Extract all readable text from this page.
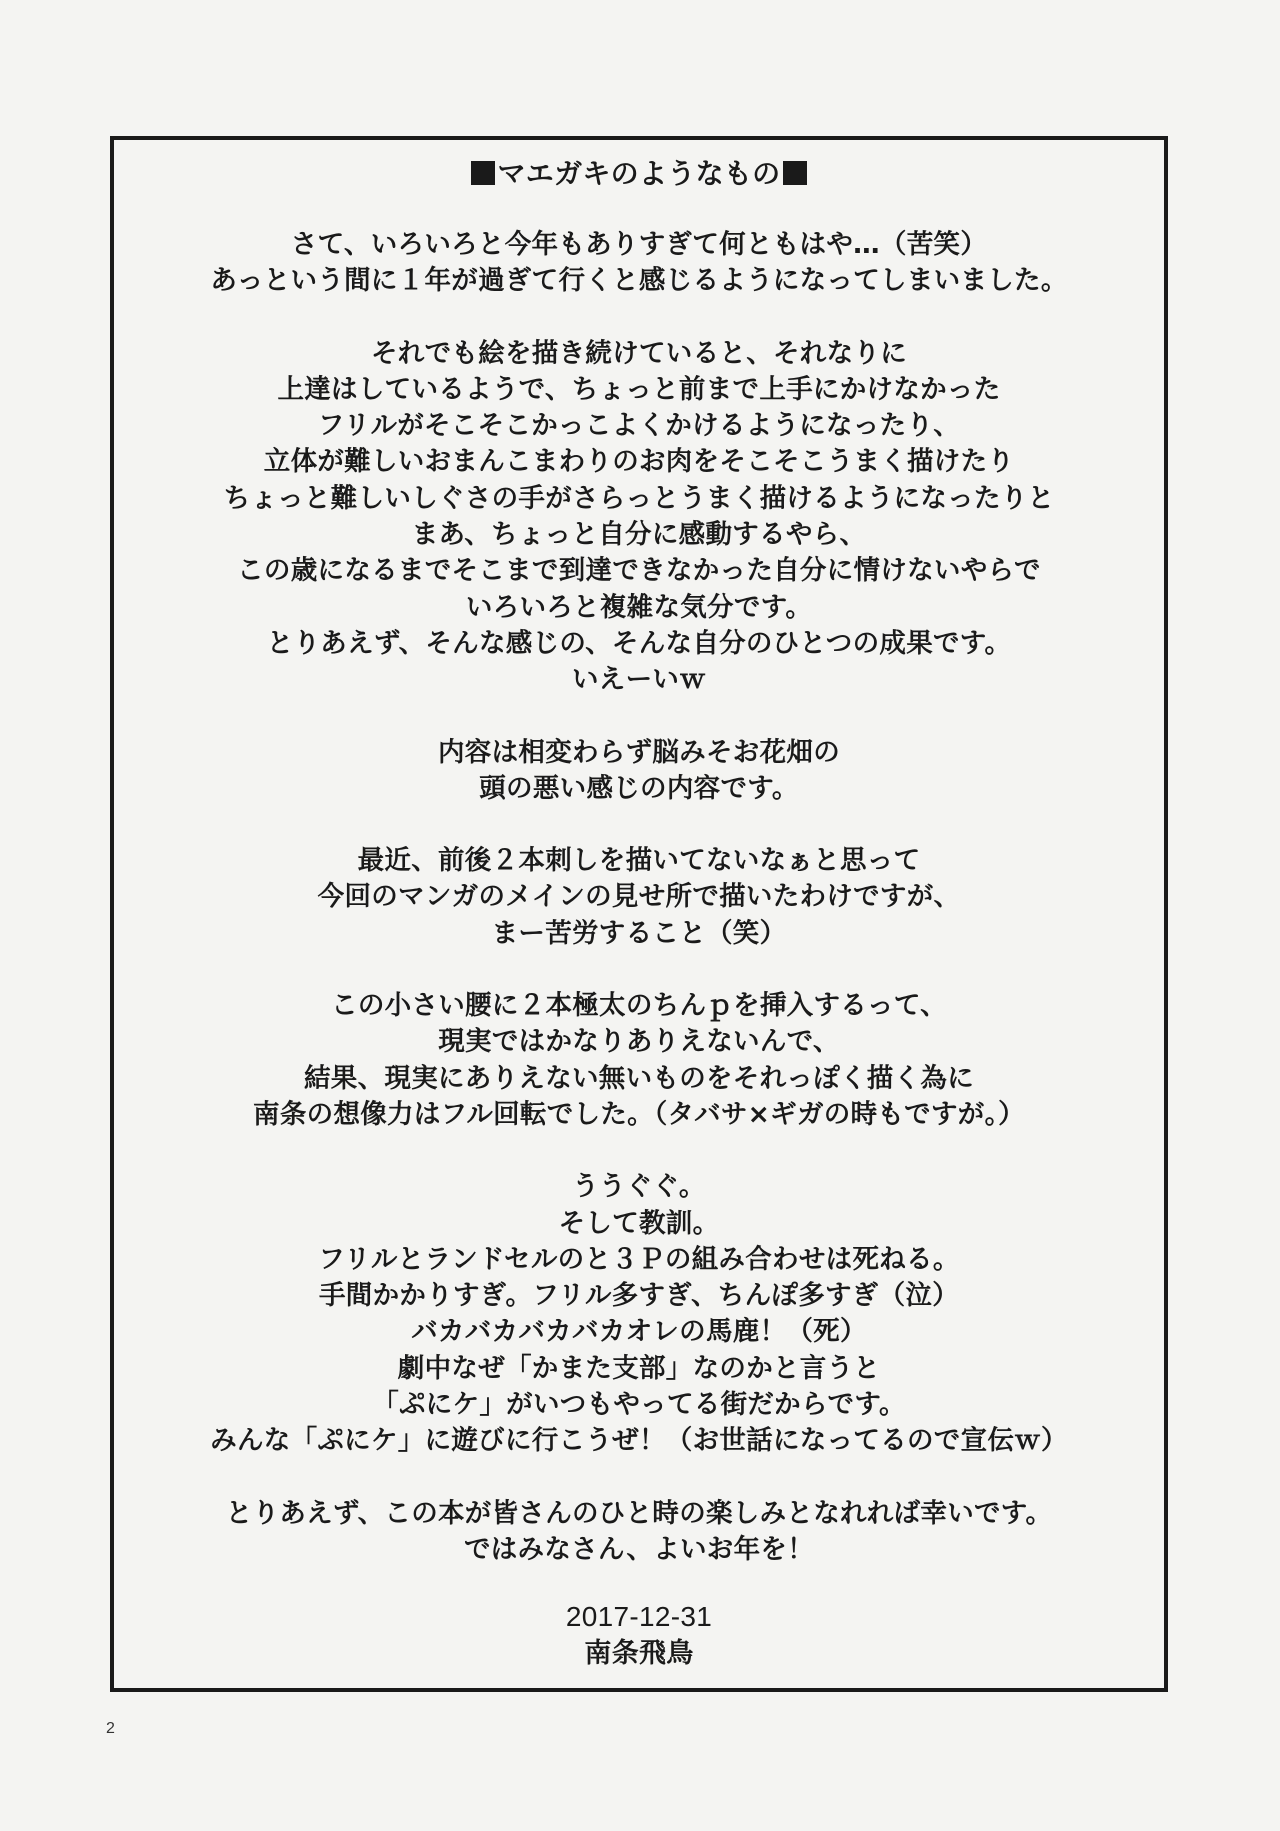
マエガキのようなもの
さて、いろいろと今年もありすぎて何ともはや…（苦笑）
あっという間に１年が過ぎて行くと感じるようになってしまいました。
それでも絵を描き続けていると、それなりに
上達はしているようで、ちょっと前まで上手にかけなかった
フリルがそこそこかっこよくかけるようになったり、
立体が難しいおまんこまわりのお肉をそこそこうまく描けたり
ちょっと難しいしぐさの手がさらっとうまく描けるようになったりと
まあ、ちょっと自分に感動するやら、
この歳になるまでそこまで到達できなかった自分に情けないやらで
いろいろと複雑な気分です。
とりあえず、そんな感じの、そんな自分のひとつの成果です。
いえーいｗ
内容は相変わらず脳みそお花畑の
頭の悪い感じの内容です。
最近、前後２本刺しを描いてないなぁと思って
今回のマンガのメインの見せ所で描いたわけですが、
まー苦労すること（笑）
この小さい腰に２本極太のちんｐを挿入するって、
現実ではかなりありえないんで、
結果、現実にありえない無いものをそれっぽく描く為に
南条の想像力はフル回転でした。（タバサ×ギガの時もですが。）
ううぐぐ。
そして教訓。
フリルとランドセルのと３Ｐの組み合わせは死ねる。
手間かかりすぎ。フリル多すぎ、ちんぽ多すぎ（泣）
バカバカバカバカオレの馬鹿！（死）
劇中なぜ「かまた支部」なのかと言うと
「ぷにケ」がいつもやってる街だからです。
みんな「ぷにケ」に遊びに行こうぜ！（お世話になってるので宣伝ｗ）
とりあえず、この本が皆さんのひと時の楽しみとなれれば幸いです。
ではみなさん、よいお年を！
2017-12-31
南条飛鳥
2
